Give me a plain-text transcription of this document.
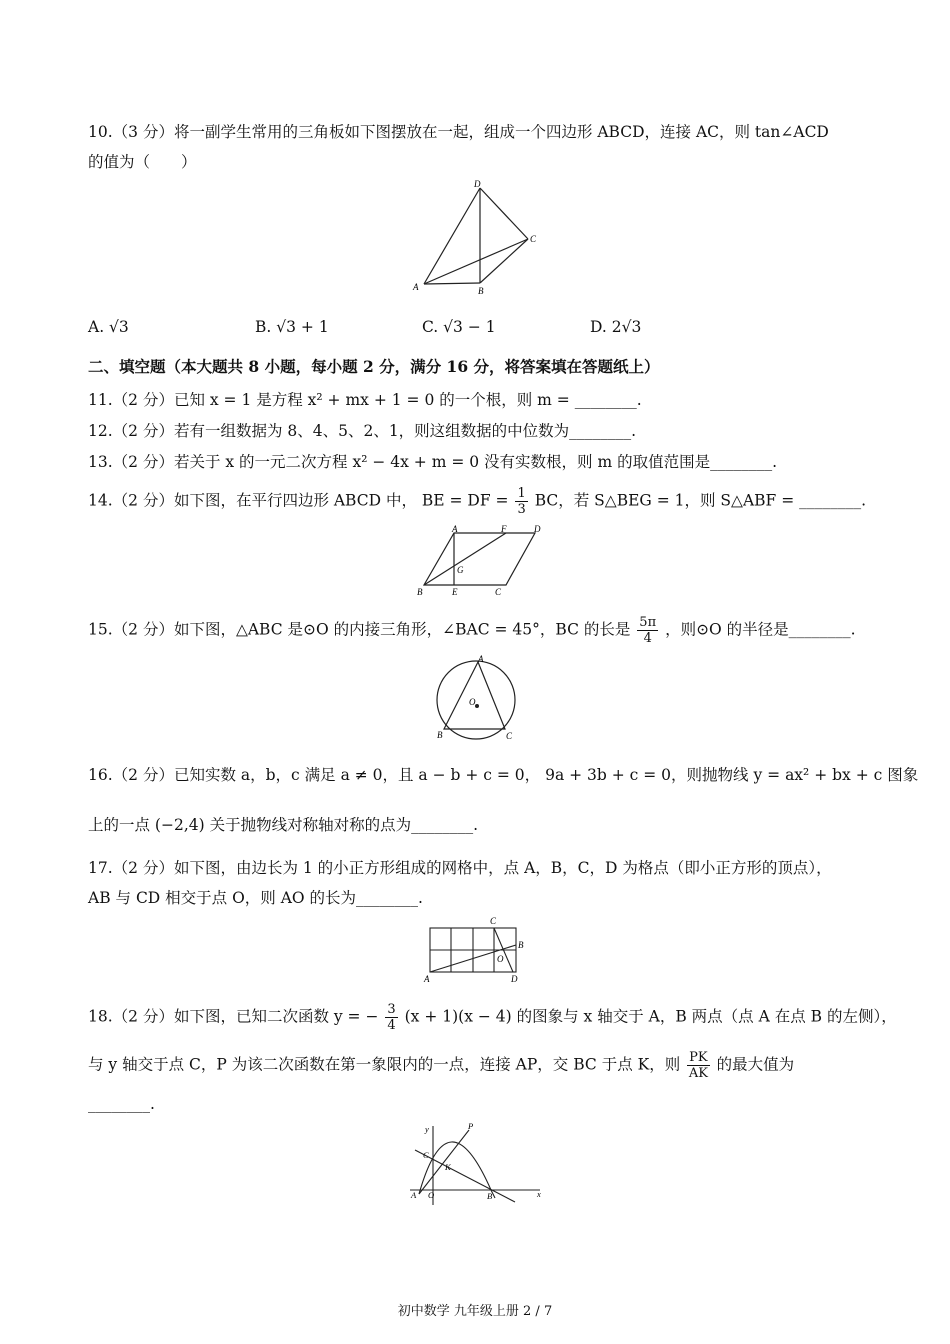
10.（3 分）将一副学生常用的三角板如下图摆放在一起，组成一个四边形 ABCD，连接 AC，则 tan∠ACD
的值为（　　）
D
C
A	B
A. √3	B. √3 + 1	C. √3 − 1	D. 2√3
二、填空题（本大题共 8 小题，每小题 2 分，满分 16 分，将答案填在答题纸上）
11.（2 分）已知 x = 1 是方程 x² + mx + 1 = 0 的一个根，则 m = ________.
12.（2 分）若有一组数据为 8、4、5、2、1，则这组数据的中位数为________.
13.（2 分）若关于 x 的一元二次方程 x² − 4x + m = 0 没有实数根，则 m 的取值范围是________.
14.（2 分）如下图，在平行四边形 ABCD 中， BE = DF = $\frac{1}{3}$ BC，若 S△BEG = 1，则 S△ABF = ________.
A	F	D
G
B	E	C
15.（2 分）如下图，△ABC 是⊙O 的内接三角形，∠BAC = 45°，BC 的长是 $\frac{5\pi}{4}$ ，则⊙O 的半径是________.
A
O
B	C
16.（2 分）已知实数 a，b，c 满足 a ≠ 0，且 a − b + c = 0， 9a + 3b + c = 0，则抛物线 y = ax² + bx + c 图象
上的一点 (−2,4) 关于抛物线对称轴对称的点为________.
17.（2 分）如下图，由边长为 1 的小正方形组成的网格中，点 A，B，C，D 为格点（即小正方形的顶点），
AB 与 CD 相交于点 O，则 AO 的长为________.
C
B
O
A	D
18.（2 分）如下图，已知二次函数 y = − $\frac{3}{4} (x + 1)(x - 4)$ 的图象与 x 轴交于 A，B 两点（点 A 在点 B 的左侧），
与 y 轴交于点 C，P 为该二次函数在第一象限内的一点，连接 AP，交 BC 于点 K，则 $\frac{PK}{AK}$ 的最大值为
________.
y	P
C
K
A O	B	x
初中数学 九年级上册 2 / 7
